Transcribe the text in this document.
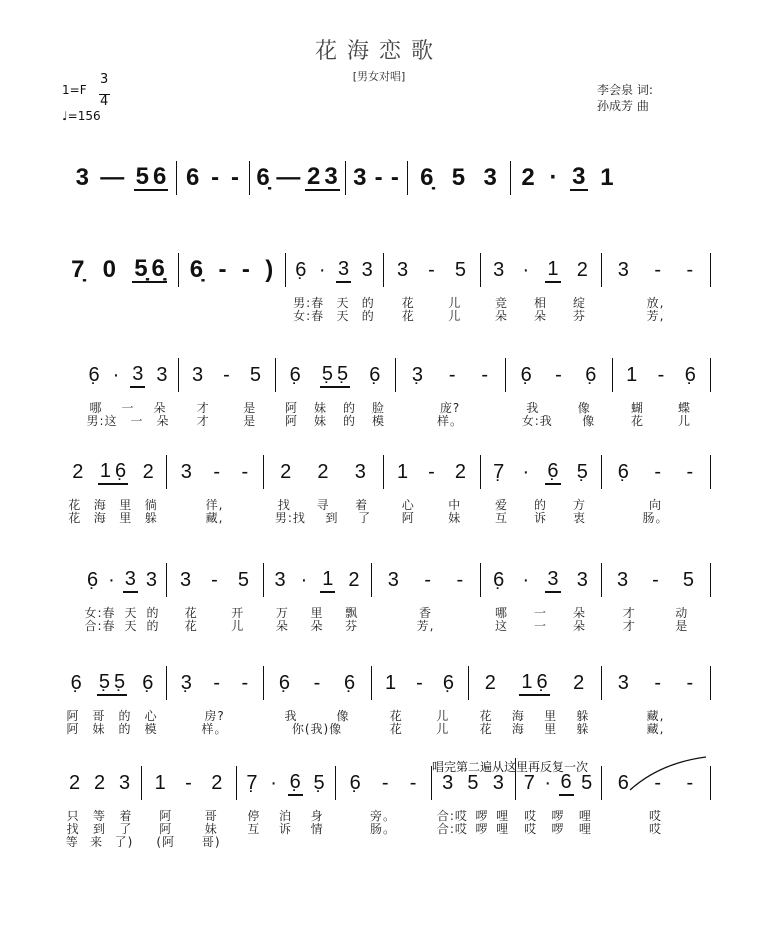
花海恋歌
[男女对唱]
1=F
3
4
♩=156
李会泉 词:
孙成芳 曲
唱完第二遍从这里再反复一次
3 — 5 6 6 - - 6̣ — 2 3 3 - - 6̣ 5 3 2 · 3 1
7̣ 0 5̣ 6̣ 6̣ - - ) 6̣ · 3 3 3 - 5 3 · 1 2 3 - -
男:春 天 的 花	儿	竞 相 绽	放,
女:春 天 的 花	儿	朵 朵 芬	芳,
6̣ · 3 3 3 - 5 6̣ 5̣ 5̣ 6̣ 3̣ - - 6̣ - 6̣ 1 - 6̣
哪 一 朵	才	是 阿 妹 的 脸	庞?	我	像	蝴	蝶
男:这 一 朵 才	是 阿 妹 的 模	样。	女:我 像	花	儿
2 1 6̣ 2 3 - - 2 2 3 1 - 2 7̣ · 6̣ 5̣ 6̣ - -
花 海 里 徜	徉,	找 寻 着	心	中	爱 的 方	向
花 海 里 躲	藏,	男:找 到 了	阿	妹	互 诉 衷	肠。
6̣ · 3 3 3 - 5 3 · 1 2 3 - - 6̣ · 3 3 3 - 5
女:春 天 的 花	开	万 里 飘	香	哪 一 朵	才	动
合:春 天 的 花	儿	朵 朵 芬	芳,	这 一 朵	才	是
6̣ 5̣ 5̣ 6̣ 3̣ - - 6̣ - 6̣ 1 - 6̣ 2 1 6̣ 2 3 - -
阿 哥 的 心	房?	我	像	花	儿	花 海 里 躲	藏,
阿 妹 的 模	样。	你(我)像	花	儿	花 海 里 躲	藏,
2 2 3 1 - 2 7̣ · 6̣ 5̣ 6̣ - - 3 5 3 7 · 6 5 6 - -
只 等 着 阿	哥 停 泊 身	旁。	合:哎 啰 哩 哎 啰 哩	哎
找 到 了 阿	妹 互 诉 情	肠。	合:哎 啰 哩 哎 啰 哩	哎
等 来 了) (阿 哥)
